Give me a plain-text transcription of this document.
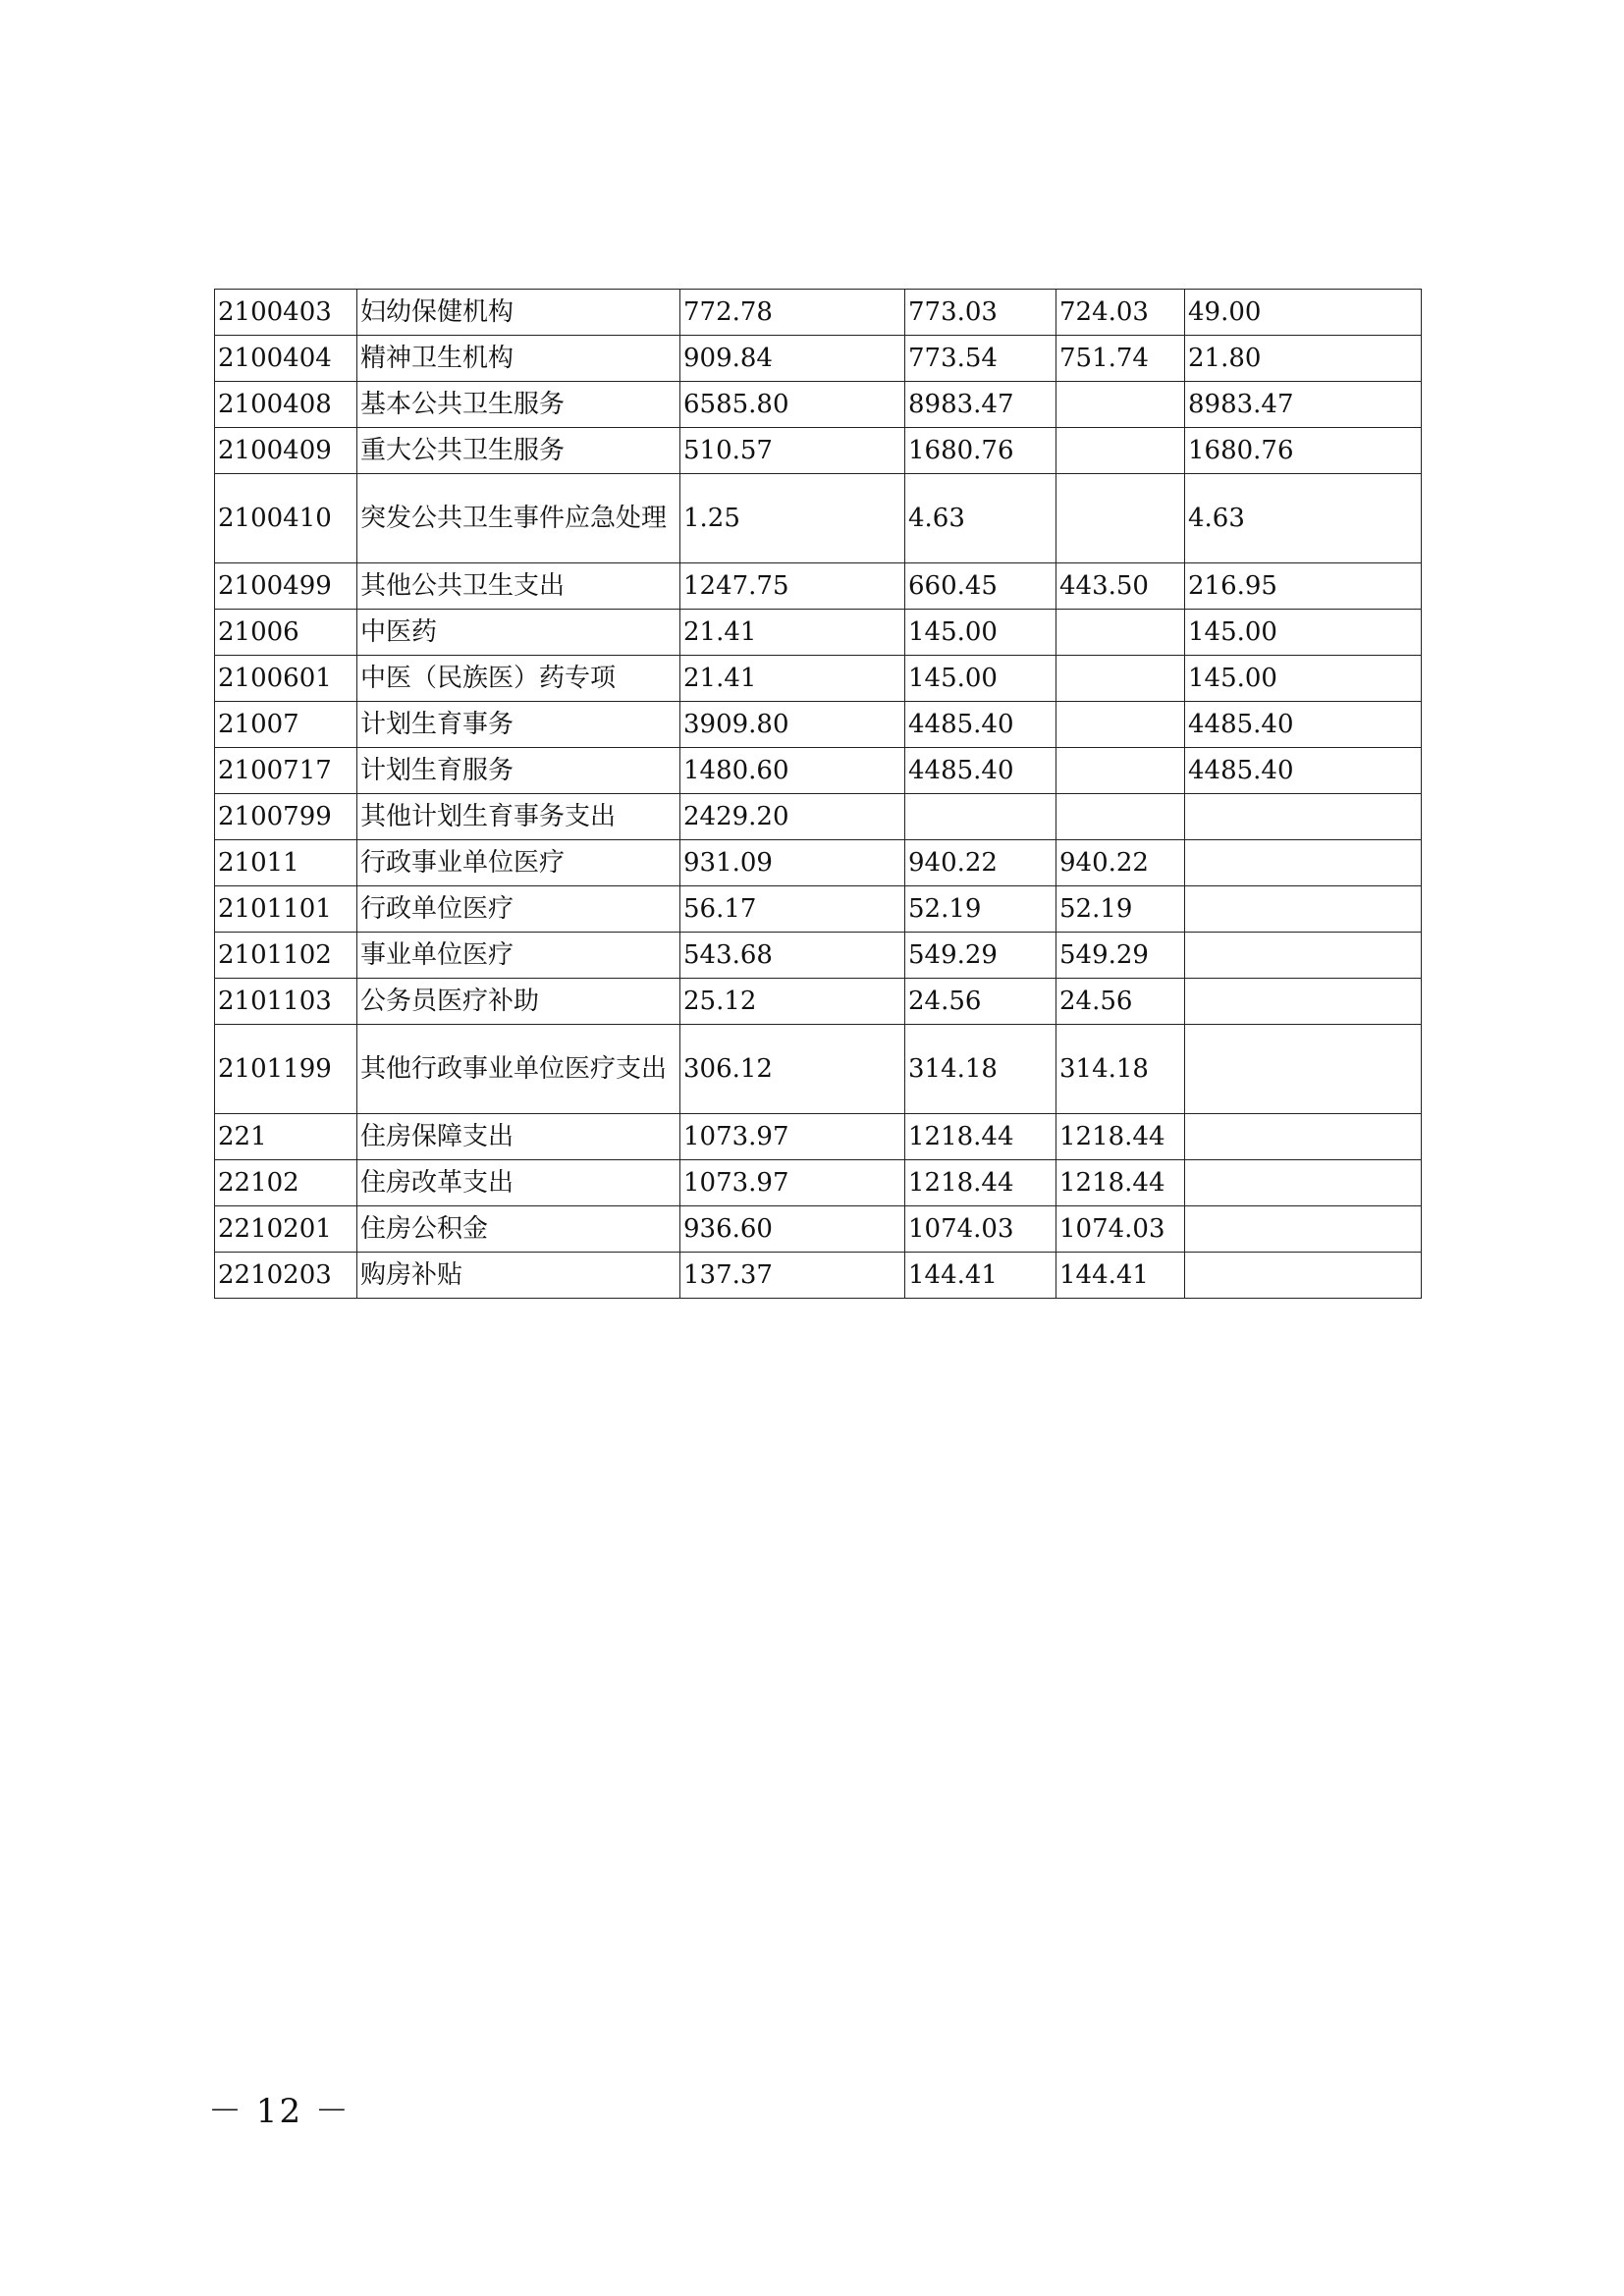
2100403	妇幼保健机构	772.78	773.03	724.03	49.00
2100404	精神卫生机构	909.84	773.54	751.74	21.80
2100408	基本公共卫生服务	6585.80	8983.47		8983.47
2100409	重大公共卫生服务	510.57	1680.76		1680.76
2100410	突发公共卫生事件应急处理	1.25	4.63		4.63
2100499	其他公共卫生支出	1247.75	660.45	443.50	216.95
21006	中医药	21.41	145.00		145.00
2100601	中医（民族医）药专项	21.41	145.00		145.00
21007	计划生育事务	3909.80	4485.40		4485.40
2100717	计划生育服务	1480.60	4485.40		4485.40
2100799	其他计划生育事务支出	2429.20			
21011	行政事业单位医疗	931.09	940.22	940.22	
2101101	行政单位医疗	56.17	52.19	52.19	
2101102	事业单位医疗	543.68	549.29	549.29	
2101103	公务员医疗补助	25.12	24.56	24.56	
2101199	其他行政事业单位医疗支出	306.12	314.18	314.18	
221	住房保障支出	1073.97	1218.44	1218.44	
22102	住房改革支出	1073.97	1218.44	1218.44	
2210201	住房公积金	936.60	1074.03	1074.03	
2210203	购房补贴	137.37	144.41	144.41	
－ 12 －
